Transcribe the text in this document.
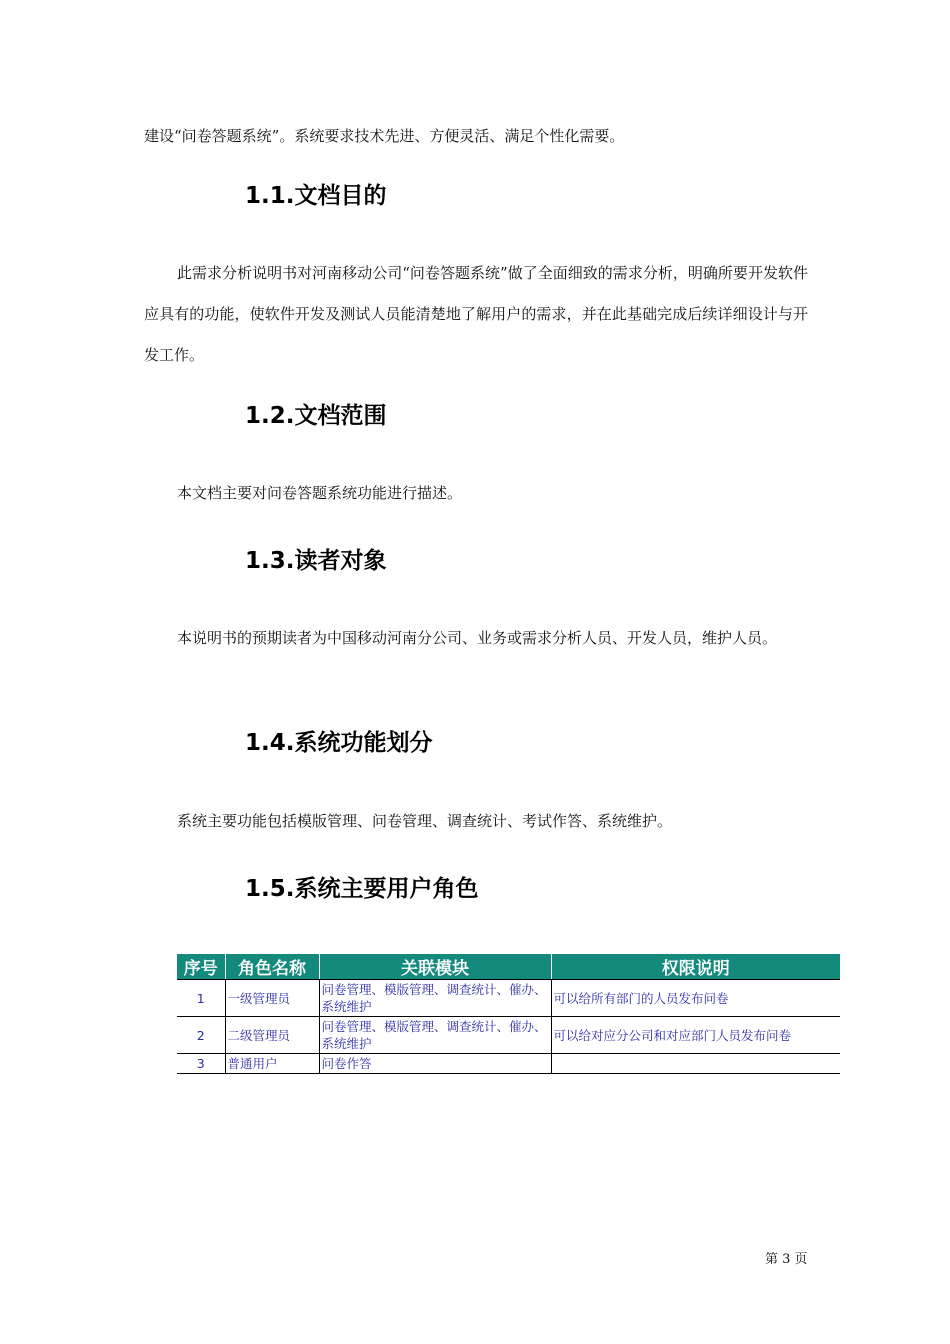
建设“问卷答题系统”。系统要求技术先进、方便灵活、满足个性化需要。

1.1.文档目的

此需求分析说明书对河南移动公司“问卷答题系统”做了全面细致的需求分析，明确所要开发软件应具有的功能，使软件开发及测试人员能清楚地了解用户的需求，并在此基础完成后续详细设计与开发工作。

1.2.文档范围

本文档主要对问卷答题系统功能进行描述。

1.3.读者对象

本说明书的预期读者为中国移动河南分公司、业务或需求分析人员、开发人员，维护人员。

1.4.系统功能划分

系统主要功能包括模版管理、问卷管理、调查统计、考试作答、系统维护。

1.5.系统主要用户角色
序号	角色名称	关联模块	权限说明
1	一级管理员	问卷管理、模版管理、调查统计、催办、系统维护	可以给所有部门的人员发布问卷
2	二级管理员	问卷管理、模版管理、调查统计、催办、系统维护	可以给对应分公司和对应部门人员发布问卷
3	普通用户	问卷作答	

第 3 页
